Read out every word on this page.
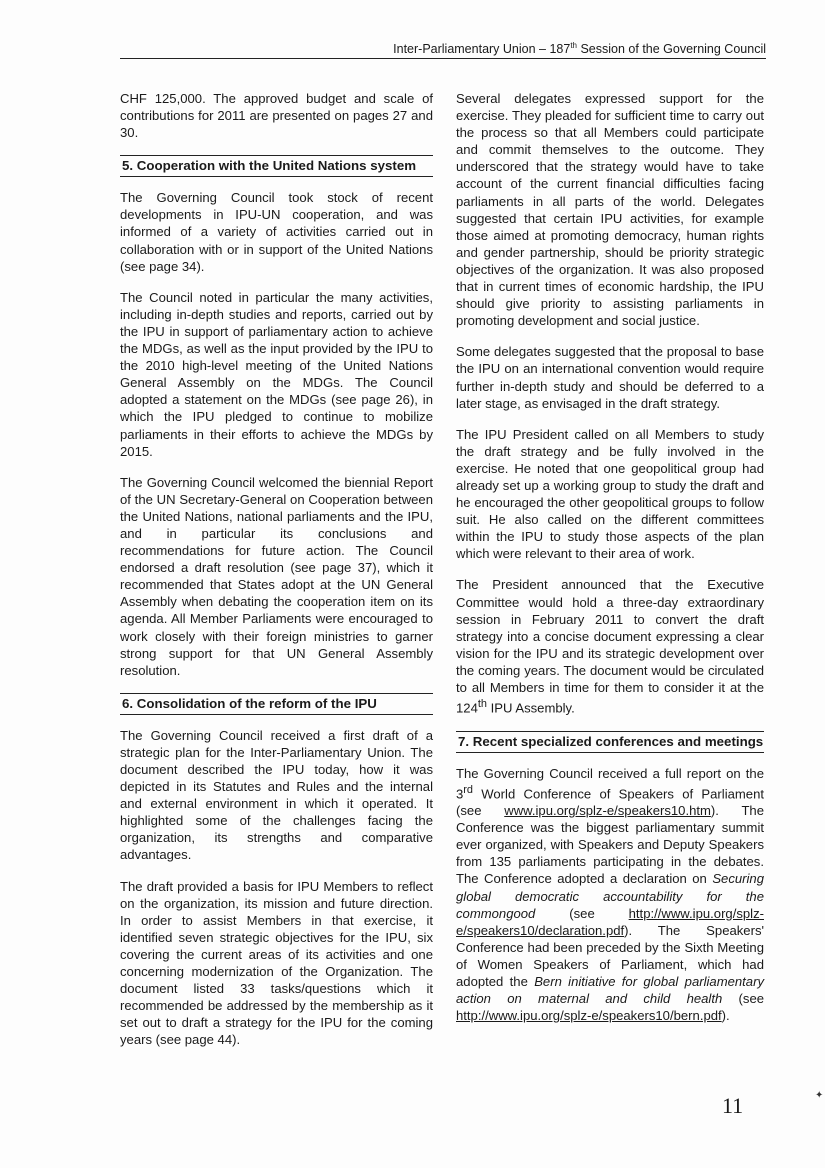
Inter-Parliamentary Union – 187th Session of the Governing Council

CHF 125,000. The approved budget and scale of contributions for 2011 are presented on pages 27 and 30.

5. Cooperation with the United Nations system

The Governing Council took stock of recent developments in IPU-UN cooperation, and was informed of a variety of activities carried out in collaboration with or in support of the United Nations (see page 34).

The Council noted in particular the many activities, including in-depth studies and reports, carried out by the IPU in support of parliamentary action to achieve the MDGs, as well as the input provided by the IPU to the 2010 high-level meeting of the United Nations General Assembly on the MDGs. The Council adopted a statement on the MDGs (see page 26), in which the IPU pledged to continue to mobilize parliaments in their efforts to achieve the MDGs by 2015.

The Governing Council welcomed the biennial Report of the UN Secretary-General on Cooperation between the United Nations, national parliaments and the IPU, and in particular its conclusions and recommendations for future action. The Council endorsed a draft resolution (see page 37), which it recommended that States adopt at the UN General Assembly when debating the cooperation item on its agenda. All Member Parliaments were encouraged to work closely with their foreign ministries to garner strong support for that UN General Assembly resolution.

6. Consolidation of the reform of the IPU

The Governing Council received a first draft of a strategic plan for the Inter-Parliamentary Union. The document described the IPU today, how it was depicted in its Statutes and Rules and the internal and external environment in which it operated. It highlighted some of the challenges facing the organization, its strengths and comparative advantages.

The draft provided a basis for IPU Members to reflect on the organization, its mission and future direction. In order to assist Members in that exercise, it identified seven strategic objectives for the IPU, six covering the current areas of its activities and one concerning modernization of the Organization. The document listed 33 tasks/questions which it recommended be addressed by the membership as it set out to draft a strategy for the IPU for the coming years (see page 44).

Several delegates expressed support for the exercise. They pleaded for sufficient time to carry out the process so that all Members could participate and commit themselves to the outcome. They underscored that the strategy would have to take account of the current financial difficulties facing parliaments in all parts of the world. Delegates suggested that certain IPU activities, for example those aimed at promoting democracy, human rights and gender partnership, should be priority strategic objectives of the organization. It was also proposed that in current times of economic hardship, the IPU should give priority to assisting parliaments in promoting development and social justice.

Some delegates suggested that the proposal to base the IPU on an international convention would require further in-depth study and should be deferred to a later stage, as envisaged in the draft strategy.

The IPU President called on all Members to study the draft strategy and be fully involved in the exercise. He noted that one geopolitical group had already set up a working group to study the draft and he encouraged the other geopolitical groups to follow suit. He also called on the different committees within the IPU to study those aspects of the plan which were relevant to their area of work.

The President announced that the Executive Committee would hold a three-day extraordinary session in February 2011 to convert the draft strategy into a concise document expressing a clear vision for the IPU and its strategic development over the coming years. The document would be circulated to all Members in time for them to consider it at the 124th IPU Assembly.

7. Recent specialized conferences and meetings

The Governing Council received a full report on the 3rd World Conference of Speakers of Parliament (see www.ipu.org/splz-e/speakers10.htm). The Conference was the biggest parliamentary summit ever organized, with Speakers and Deputy Speakers from 135 parliaments participating in the debates. The Conference adopted a declaration on Securing global democratic accountability for the commongood (see http://www.ipu.org/splz-e/speakers10/declaration.pdf). The Speakers' Conference had been preceded by the Sixth Meeting of Women Speakers of Parliament, which had adopted the Bern initiative for global parliamentary action on maternal and child health (see http://www.ipu.org/splz-e/speakers10/bern.pdf).

11	✦
